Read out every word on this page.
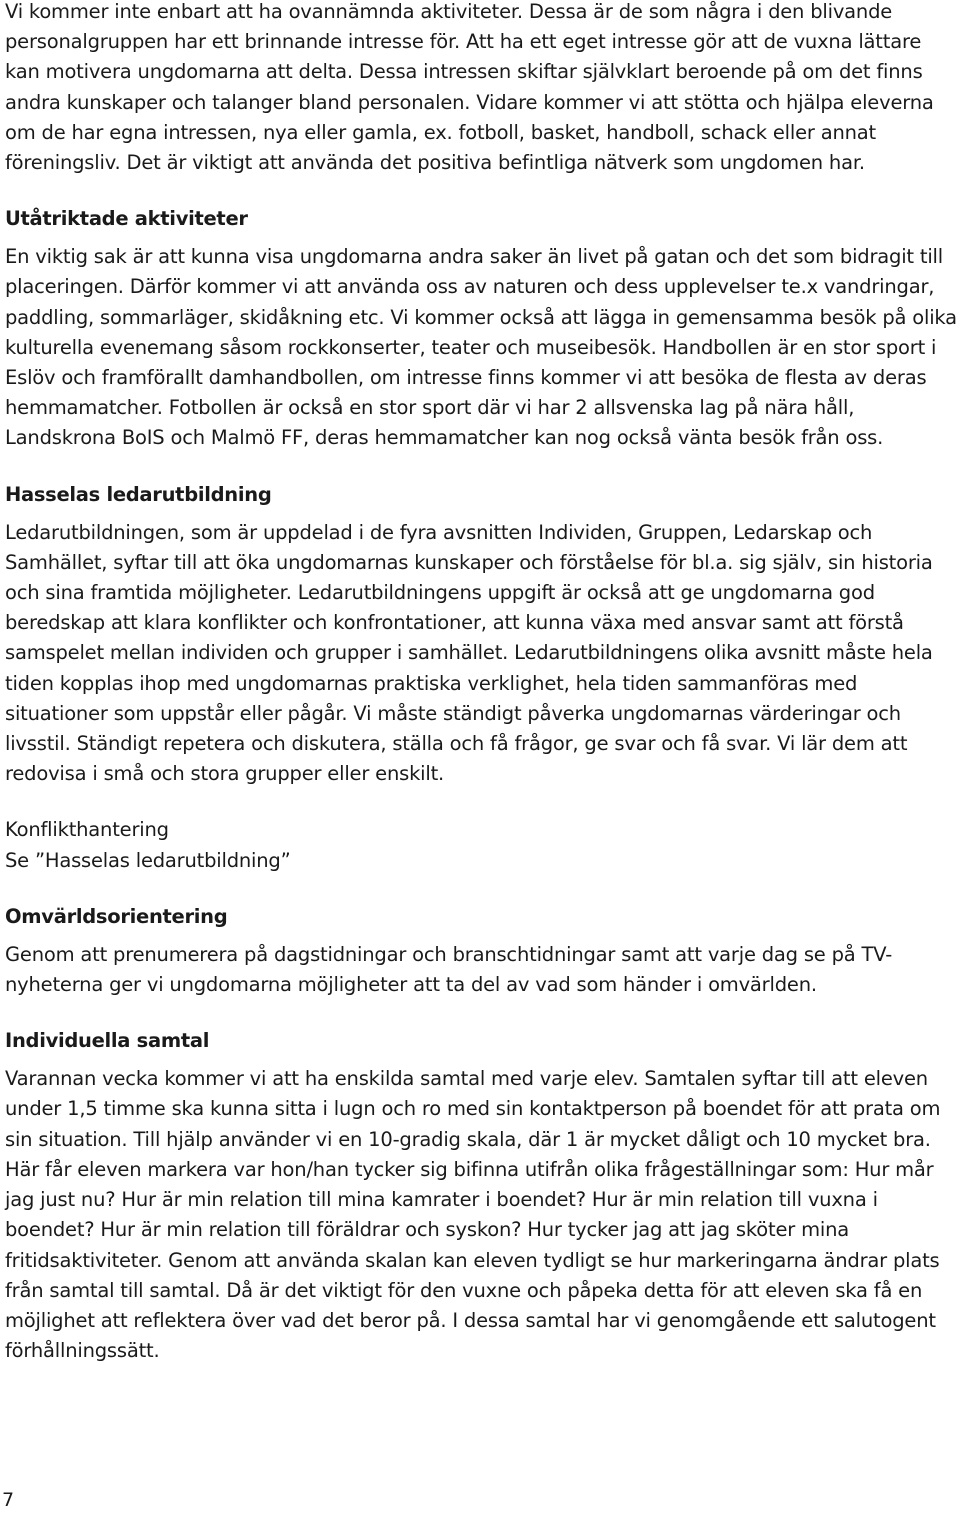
Vi kommer inte enbart att ha ovannämnda aktiviteter. Dessa är de som några i den blivande personalgruppen har ett brinnande intresse för. Att ha ett eget intresse gör att de vuxna lättare kan motivera ungdomarna att delta. Dessa intressen skiftar självklart beroende på om det finns andra kunskaper och talanger bland personalen. Vidare kommer vi att stötta och hjälpa eleverna om de har egna intressen, nya eller gamla, ex. fotboll, basket, handboll, schack eller annat föreningsliv. Det är viktigt att använda det positiva befintliga nätverk som ungdomen har.

Utåtriktade aktiviteter

En viktig sak är att kunna visa ungdomarna andra saker än livet på gatan och det som bidragit till placeringen. Därför kommer vi att använda oss av naturen och dess upplevelser te.x vandringar, paddling, sommarläger, skidåkning etc. Vi kommer också att lägga in gemensamma besök på olika kulturella evenemang såsom rockkonserter, teater och museibesök. Handbollen är en stor sport i Eslöv och framförallt damhandbollen, om intresse finns kommer vi att besöka de flesta av deras hemmamatcher. Fotbollen är också en stor sport där vi har 2 allsvenska lag på nära håll, Landskrona BoIS och Malmö FF, deras hemmamatcher kan nog också vänta besök från oss.

Hasselas ledarutbildning

Ledarutbildningen, som är uppdelad i de fyra avsnitten Individen, Gruppen, Ledarskap och Samhället, syftar till att öka ungdomarnas kunskaper och förståelse för bl.a. sig själv, sin historia och sina framtida möjligheter. Ledarutbildningens uppgift är också att ge ungdomarna god beredskap att klara konflikter och konfrontationer, att kunna växa med ansvar samt att förstå samspelet mellan individen och grupper i samhället. Ledarutbildningens olika avsnitt måste hela tiden kopplas ihop med ungdomarnas praktiska verklighet, hela tiden sammanföras med situationer som uppstår eller pågår. Vi måste ständigt påverka ungdomarnas värderingar och livsstil. Ständigt repetera och diskutera, ställa och få frågor, ge svar och få svar. Vi lär dem att redovisa i små och stora grupper eller enskilt.

Konflikthantering
Se ”Hasselas ledarutbildning”

Omvärldsorientering

Genom att prenumerera på dagstidningar och branschtidningar samt att varje dag se på TV-nyheterna ger vi ungdomarna möjligheter att ta del av vad som händer i omvärlden.

Individuella samtal

Varannan vecka kommer vi att ha enskilda samtal med varje elev. Samtalen syftar till att eleven under 1,5 timme ska kunna sitta i lugn och ro med sin kontaktperson på boendet för att prata om sin situation. Till hjälp använder vi en 10-gradig skala, där 1 är mycket dåligt och 10 mycket bra. Här får eleven markera var hon/han tycker sig bifinna utifrån olika frågeställningar som: Hur mår jag just nu? Hur är min relation till mina kamrater i boendet? Hur är min relation till vuxna i boendet? Hur är min relation till föräldrar och syskon? Hur tycker jag att jag sköter mina fritidsaktiviteter. Genom att använda skalan kan eleven tydligt se hur markeringarna ändrar plats från samtal till samtal. Då är det viktigt för den vuxne och påpeka detta för att eleven ska få en möjlighet att reflektera över vad det beror på. I dessa samtal har vi genomgående ett salutogent förhållningssätt.

7
